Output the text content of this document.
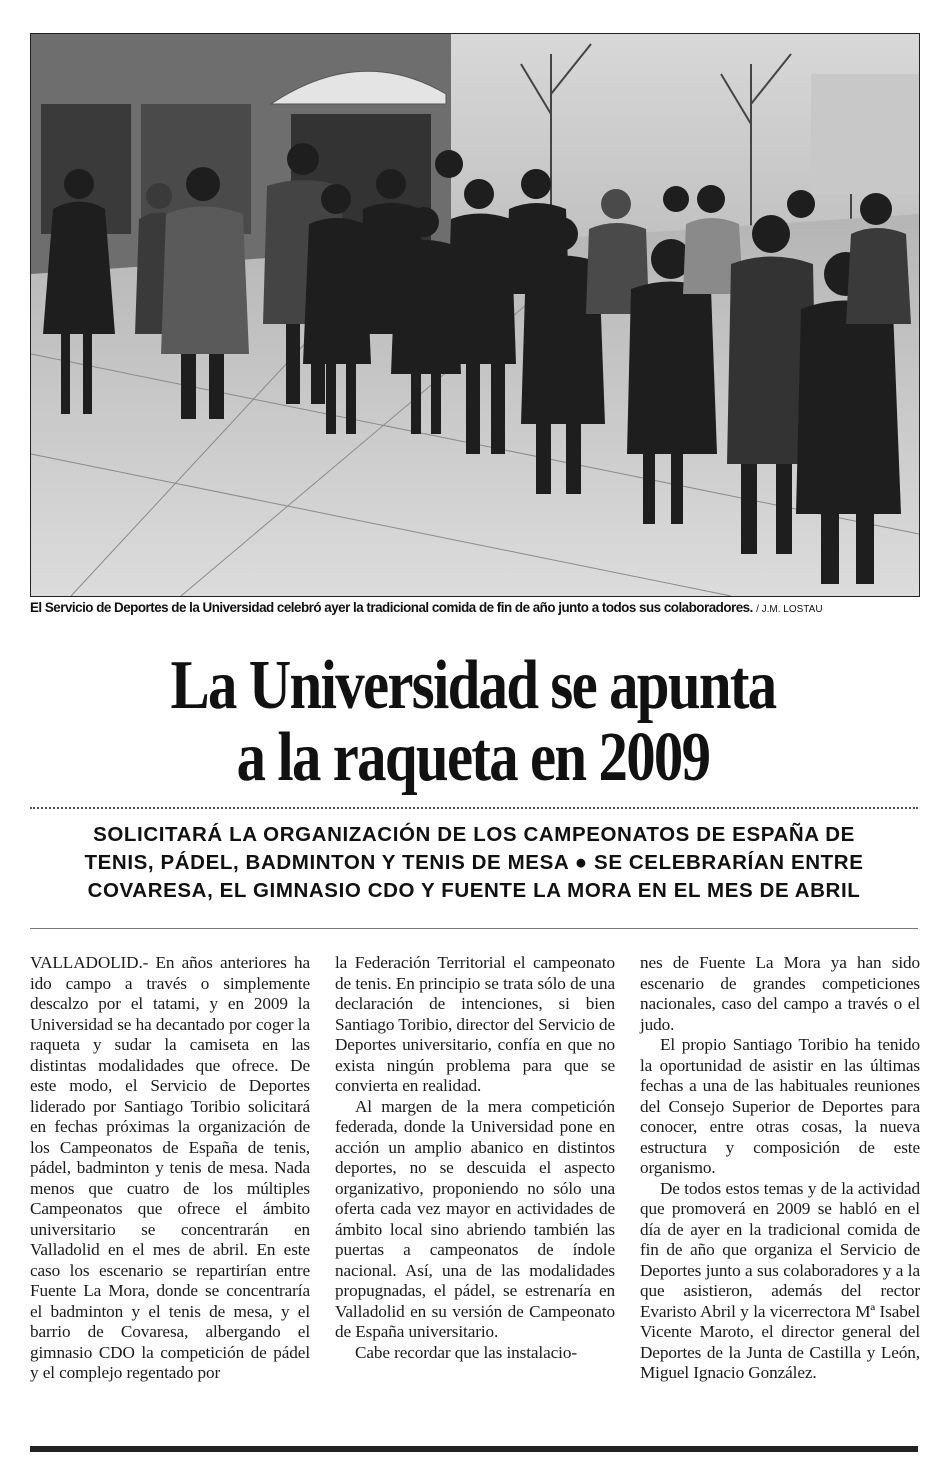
El Servicio de Deportes de la Universidad celebró ayer la tradicional comida de fin de año junto a todos sus colaboradores. / J.M. LOSTAU
La Universidad se apunta
a la raqueta en 2009
SOLICITARÁ LA ORGANIZACIÓN DE LOS CAMPEONATOS DE ESPAÑA DE
TENIS, PÁDEL, BADMINTON Y TENIS DE MESA ● SE CELEBRARÍAN ENTRE
COVARESA, EL GIMNASIO CDO Y FUENTE LA MORA EN EL MES DE ABRIL

VALLADOLID.- En años anteriores ha ido campo a través o simplemente descalzo por el tatami, y en 2009 la Universidad se ha decantado por coger la raqueta y sudar la camiseta en las distintas modalidades que ofrece. De este modo, el Servicio de Deportes liderado por Santiago Toribio solicitará en fechas próximas la organización de los Campeonatos de España de tenis, pádel, badminton y tenis de mesa. Nada menos que cuatro de los múltiples Campeonatos que ofrece el ámbito universitario se concentrarán en Valladolid en el mes de abril. En este caso los escenario se repartirían entre Fuente La Mora, donde se concentraría el badminton y el tenis de mesa, y el barrio de Covaresa, albergando el gimnasio CDO la competición de pádel y el complejo regentado por

la Federación Territorial el campeonato de tenis. En principio se trata sólo de una declaración de intenciones, si bien Santiago Toribio, director del Servicio de Deportes universitario, confía en que no exista ningún problema para que se convierta en realidad.

Al margen de la mera competición federada, donde la Universidad pone en acción un amplio abanico en distintos deportes, no se descuida el aspecto organizativo, proponiendo no sólo una oferta cada vez mayor en actividades de ámbito local sino abriendo también las puertas a campeonatos de índole nacional. Así, una de las modalidades propugnadas, el pádel, se estrenaría en Valladolid en su versión de Campeonato de España universitario.

Cabe recordar que las instalacio-

nes de Fuente La Mora ya han sido escenario de grandes competiciones nacionales, caso del campo a través o el judo.

El propio Santiago Toribio ha tenido la oportunidad de asistir en las últimas fechas a una de las habituales reuniones del Consejo Superior de Deportes para conocer, entre otras cosas, la nueva estructura y composición de este organismo.

De todos estos temas y de la actividad que promoverá en 2009 se habló en el día de ayer en la tradicional comida de fin de año que organiza el Servicio de Deportes junto a sus colaboradores y a la que asistieron, además del rector Evaristo Abril y la vicerrectora Mª Isabel Vicente Maroto, el director general del Deportes de la Junta de Castilla y León, Miguel Ignacio González.
